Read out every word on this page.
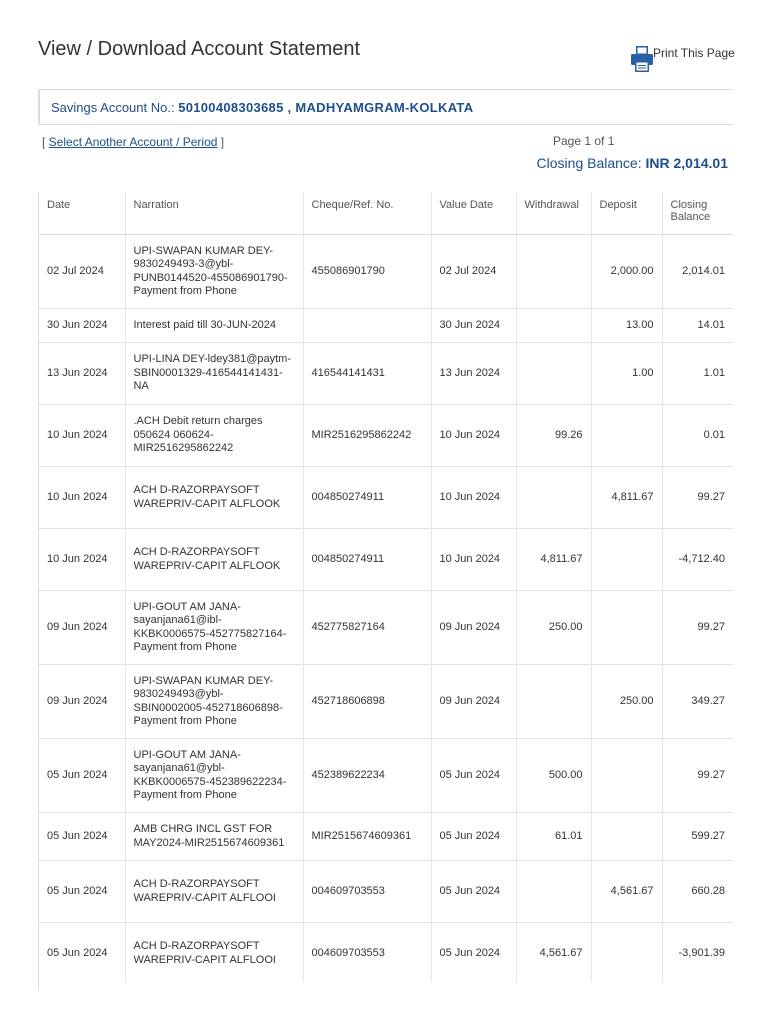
View / Download Account Statement	Print This Page
Savings Account No.: 50100408303685 , MADHYAMGRAM-KOLKATA
[ Select Another Account / Period ]	Page 1 of 1
Closing Balance: INR 2,014.01
Date	Narration	Cheque/Ref. No.	Value Date	Withdrawal	Deposit	Closing Balance
02 Jul 2024	UPI-SWAPAN KUMAR DEY-9830249493-3@ybl-PUNB0144520-455086901790-Payment from Phone	455086901790	02 Jul 2024		2,000.00	2,014.01
30 Jun 2024	Interest paid till 30-JUN-2024		30 Jun 2024		13.00	14.01
13 Jun 2024	UPI-LINA DEY-ldey381@paytm-SBIN0001329-416544141431-NA	416544141431	13 Jun 2024		1.00	1.01
10 Jun 2024	.ACH Debit return charges 050624 060624-MIR2516295862242	MIR2516295862242	10 Jun 2024	99.26		0.01
10 Jun 2024	ACH D-RAZORPAYSOFT WAREPRIV-CAPIT ALFLOOK	004850274911	10 Jun 2024		4,811.67	99.27
10 Jun 2024	ACH D-RAZORPAYSOFT WAREPRIV-CAPIT ALFLOOK	004850274911	10 Jun 2024	4,811.67		-4,712.40
09 Jun 2024	UPI-GOUT AM JANA-sayanjana61@ibl-KKBK0006575-452775827164-Payment from Phone	452775827164	09 Jun 2024	250.00		99.27
09 Jun 2024	UPI-SWAPAN KUMAR DEY-9830249493@ybl-SBIN0002005-452718606898-Payment from Phone	452718606898	09 Jun 2024		250.00	349.27
05 Jun 2024	UPI-GOUT AM JANA-sayanjana61@ybl-KKBK0006575-452389622234-Payment from Phone	452389622234	05 Jun 2024	500.00		99.27
05 Jun 2024	AMB CHRG INCL GST FOR MAY2024-MIR2515674609361	MIR2515674609361	05 Jun 2024	61.01		599.27
05 Jun 2024	ACH D-RAZORPAYSOFT WAREPRIV-CAPIT ALFLOOI	004609703553	05 Jun 2024		4,561.67	660.28
05 Jun 2024	ACH D-RAZORPAYSOFT WAREPRIV-CAPIT ALFLOOI	004609703553	05 Jun 2024	4,561.67		-3,901.39
